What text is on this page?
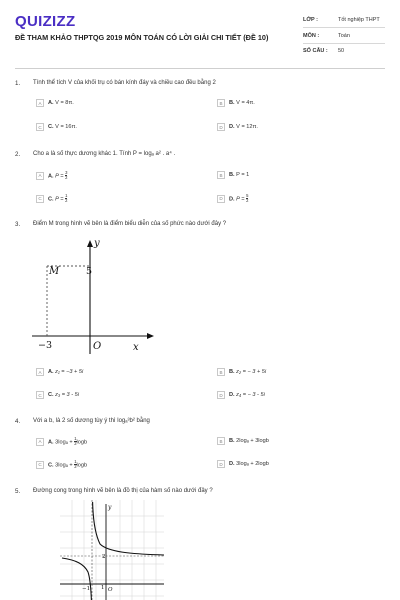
QUIZIZZ
ĐỀ THAM KHẢO THPTQG 2019 MÔN TOÁN CÓ LỜI GIẢI CHI TIẾT (ĐỀ 10)
LỚP :	Tốt nghiệp THPT
MÔN :	Toán
SỐ CÂU : 50
1. Tính thể tích V của khối trụ có bán kính đáy và chiều cao đều bằng 2
A	A. V = 8π.	B	B. V = 4π.
C	C. V = 16π.	D	D. V = 12π.
2. Cho a là số thực dương khác 1. Tính P = logₐ a² . a⁴ .
A	A. $P = \frac{3}{2}$	B	B. P = 1
C	C. $P = \frac{1}{2}$	D	D. $P = \frac{5}{2}$
3. Điểm M trong hình vẽ bên là điểm biểu diễn của số phức nào dưới đây ?
y
x
M	5
−3	O
A	A. z₁ = −3 + 5i	B	B. z₂ = − 3 + 5i
C	C. z₃ = 3 - 5i	D	D. z₄ = − 3 - 5i
4. Với a b, là 2 số dương tùy ý thì logₐ³b² bằng
A	A. $3\log_a + \frac{1}{2}$ logb	B	B. 2logₐ + 3logb
C	C. $3\log_a + \frac{1}{2}$ logb	D	D. 3logₐ + 2logb
5. Đường cong trong hình vẽ bên là đồ thị của hàm số nào dưới đây ?
y
2
1
−1	O
